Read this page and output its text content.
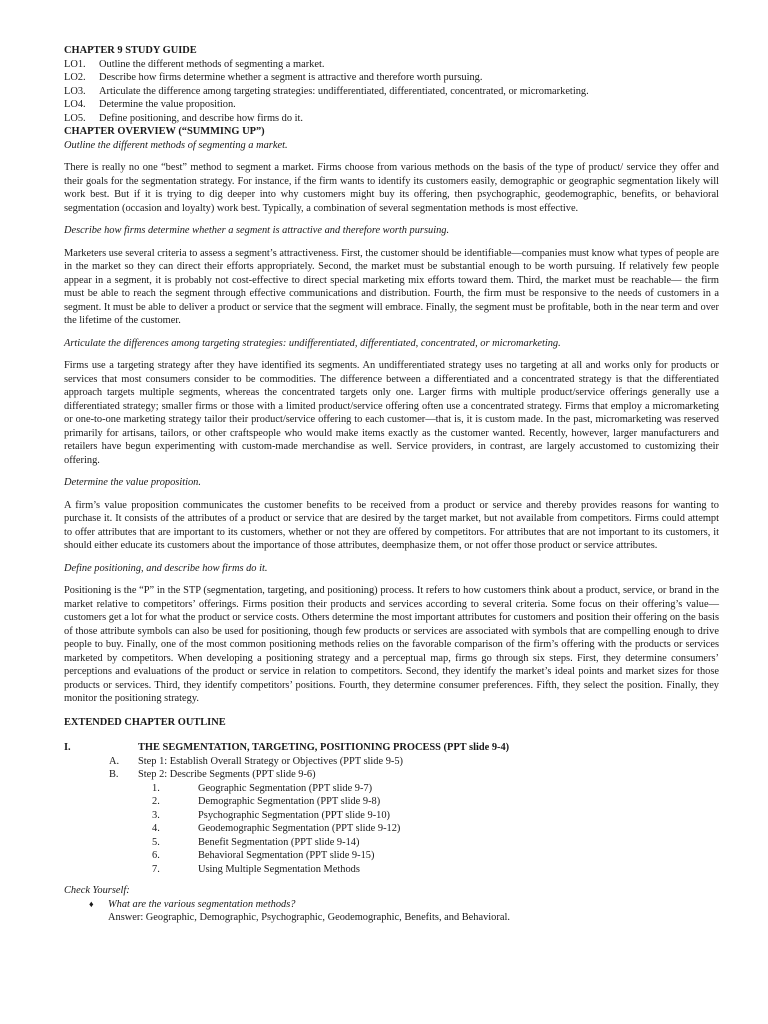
CHAPTER 9 STUDY GUIDE
LO1.	Outline the different methods of segmenting a market.
LO2.	Describe how firms determine whether a segment is attractive and therefore worth pursuing.
LO3.	Articulate the difference among targeting strategies: undifferentiated, differentiated, concentrated, or micromarketing.
LO4.	Determine the value proposition.
LO5.	Define positioning, and describe how firms do it.
CHAPTER OVERVIEW (“SUMMING UP”)
Outline the different methods of segmenting a market.

There is really no one “best” method to segment a market. Firms choose from various methods on the basis of the type of product/ service they offer and their goals for the segmentation strategy. For instance, if the firm wants to identify its customers easily, demographic or geographic segmentation likely will work best. But if it is trying to dig deeper into why customers might buy its offering, then psychographic, geodemographic, benefits, or behavioral segmentation (occasion and loyalty) work best. Typically, a combination of several segmentation methods is most effective.

Describe how firms determine whether a segment is attractive and therefore worth pursuing.

Marketers use several criteria to assess a segment’s attractiveness. First, the customer should be identifiable—companies must know what types of people are in the market so they can direct their efforts appropriately. Second, the market must be substantial enough to be worth pursuing. If relatively few people appear in a segment, it is probably not cost-effective to direct special marketing mix efforts toward them. Third, the market must be reachable— the firm must be able to reach the segment through effective communications and distribution. Fourth, the firm must be responsive to the needs of customers in a segment. It must be able to deliver a product or service that the segment will embrace. Finally, the segment must be profitable, both in the near term and over the lifetime of the customer.

Articulate the differences among targeting strategies: undifferentiated, differentiated, concentrated, or micromarketing.

Firms use a targeting strategy after they have identified its segments. An undifferentiated strategy uses no targeting at all and works only for products or services that most consumers consider to be commodities. The difference between a differentiated and a concentrated strategy is that the differentiated approach targets multiple segments, whereas the concentrated targets only one. Larger firms with multiple product/service offerings generally use a differentiated strategy; smaller firms or those with a limited product/service offering often use a concentrated strategy. Firms that employ a micromarketing or one-to-one marketing strategy tailor their product/service offering to each customer—that is, it is custom made. In the past, micromarketing was reserved primarily for artisans, tailors, or other craftspeople who would make items exactly as the customer wanted. Recently, however, larger manufacturers and retailers have begun experimenting with custom-made merchandise as well. Service providers, in contrast, are largely accustomed to customizing their offering.

Determine the value proposition.

A firm’s value proposition communicates the customer benefits to be received from a product or service and thereby provides reasons for wanting to purchase it. It consists of the attributes of a product or service that are desired by the target market, but not available from competitors. Firms could attempt to offer attributes that are important to its customers, whether or not they are offered by competitors. For attributes that are not important to its customers, it should either educate its customers about the importance of those attributes, deemphasize them, or not offer those product or service attributes.

Define positioning, and describe how firms do it.

Positioning is the “P” in the STP (segmentation, targeting, and positioning) process. It refers to how customers think about a product, service, or brand in the market relative to competitors’ offerings. Firms position their products and services according to several criteria. Some focus on their offering’s value—customers get a lot for what the product or service costs. Others determine the most important attributes for customers and position their offering on the basis of those attribute symbols can also be used for positioning, though few products or services are associated with symbols that are compelling enough to drive people to buy. Finally, one of the most common positioning methods relies on the favorable comparison of the firm’s offering with the products or services marketed by competitors. When developing a positioning strategy and a perceptual map, firms go through six steps. First, they determine consumers’ perceptions and evaluations of the product or service in relation to competitors. Second, they identify the market’s ideal points and market sizes for those products or services. Third, they identify competitors’ positions. Fourth, they determine consumer preferences. Fifth, they select the position. Finally, they monitor the positioning strategy.

EXTENDED CHAPTER OUTLINE
I.	THE SEGMENTATION, TARGETING, POSITIONING PROCESS (PPT slide 9-4)
A.	Step 1: Establish Overall Strategy or Objectives (PPT slide 9-5)
B.	Step 2: Describe Segments (PPT slide 9-6)
1.	Geographic Segmentation (PPT slide 9-7)
2.	Demographic Segmentation (PPT slide 9-8)
3.	Psychographic Segmentation (PPT slide 9-10)
4.	Geodemographic Segmentation (PPT slide 9-12)
5.	Benefit Segmentation (PPT slide 9-14)
6.	Behavioral Segmentation (PPT slide 9-15)
7.	Using Multiple Segmentation Methods
Check Yourself:
♦	What are the various segmentation methods?
Answer: Geographic, Demographic, Psychographic, Geodemographic, Benefits, and Behavioral.
